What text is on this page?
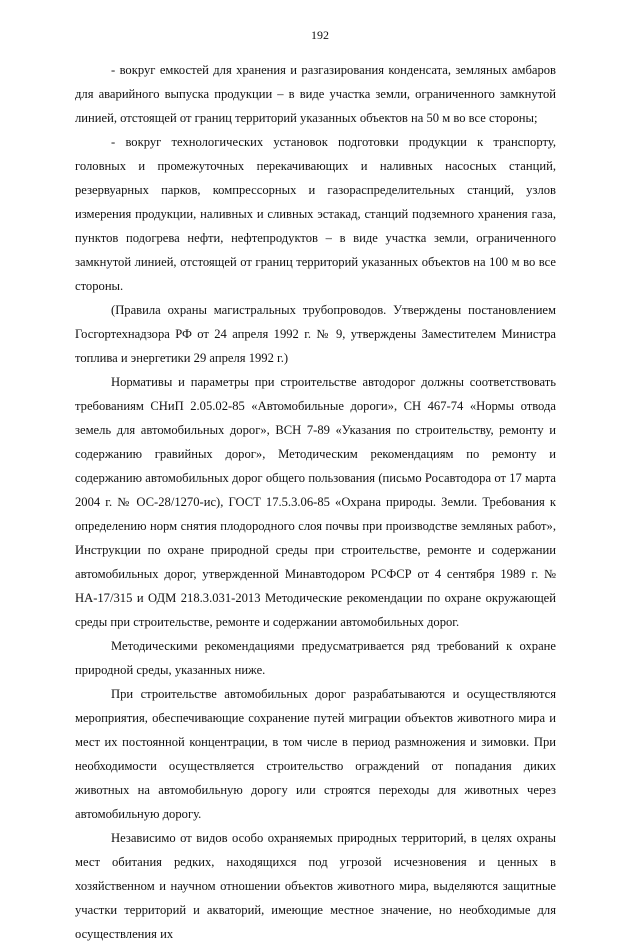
192

- вокруг емкостей для хранения и разгазирования конденсата, земляных амбаров для аварийного выпуска продукции – в виде участка земли, ограниченного замкнутой линией, отстоящей от границ территорий указанных объектов на 50 м во все стороны;

- вокруг технологических установок подготовки продукции к транспорту, головных и промежуточных перекачивающих и наливных насосных станций, резервуарных парков, компрессорных и газораспределительных станций, узлов измерения продукции, наливных и сливных эстакад, станций подземного хранения газа, пунктов подогрева нефти, нефтепродуктов – в виде участка земли, ограниченного замкнутой линией, отстоящей от границ территорий указанных объектов на 100 м во все стороны.

(Правила охраны магистральных трубопроводов. Утверждены постановлением Госгортехнадзора РФ от 24 апреля 1992 г. № 9, утверждены Заместителем Министра топлива и энергетики 29 апреля 1992 г.)

Нормативы и параметры при строительстве автодорог должны соответствовать требованиям СНиП 2.05.02-85 «Автомобильные дороги», СН 467-74 «Нормы отвода земель для автомобильных дорог», ВСН 7-89 «Указания по строительству, ремонту и содержанию гравийных дорог», Методическим рекомендациям по ремонту и содержанию автомобильных дорог общего пользования (письмо Росавтодора от 17 марта 2004 г. № ОС-28/1270-ис), ГОСТ 17.5.3.06-85 «Охрана природы. Земли. Требования к определению норм снятия плодородного слоя почвы при производстве земляных работ», Инструкции по охране природной среды при строительстве, ремонте и содержании автомобильных дорог, утвержденной Минавтодором РСФСР от 4 сентября 1989 г. № НА-17/315 и ОДМ 218.3.031-2013 Методические рекомендации по охране окружающей среды при строительстве, ремонте и содержании автомобильных дорог.

Методическими рекомендациями предусматривается ряд требований к охране природной среды, указанных ниже.

При строительстве автомобильных дорог разрабатываются и осуществляются мероприятия, обеспечивающие сохранение путей миграции объектов животного мира и мест их постоянной концентрации, в том числе в период размножения и зимовки. При необходимости осуществляется строительство ограждений от попадания диких животных на автомобильную дорогу или строятся переходы для животных через автомобильную дорогу.

Независимо от видов особо охраняемых природных территорий, в целях охраны мест обитания редких, находящихся под угрозой исчезновения и ценных в хозяйственном и научном отношении объектов животного мира, выделяются защитные участки территорий и акваторий, имеющие местное значение, но необходимые для осуществления их
